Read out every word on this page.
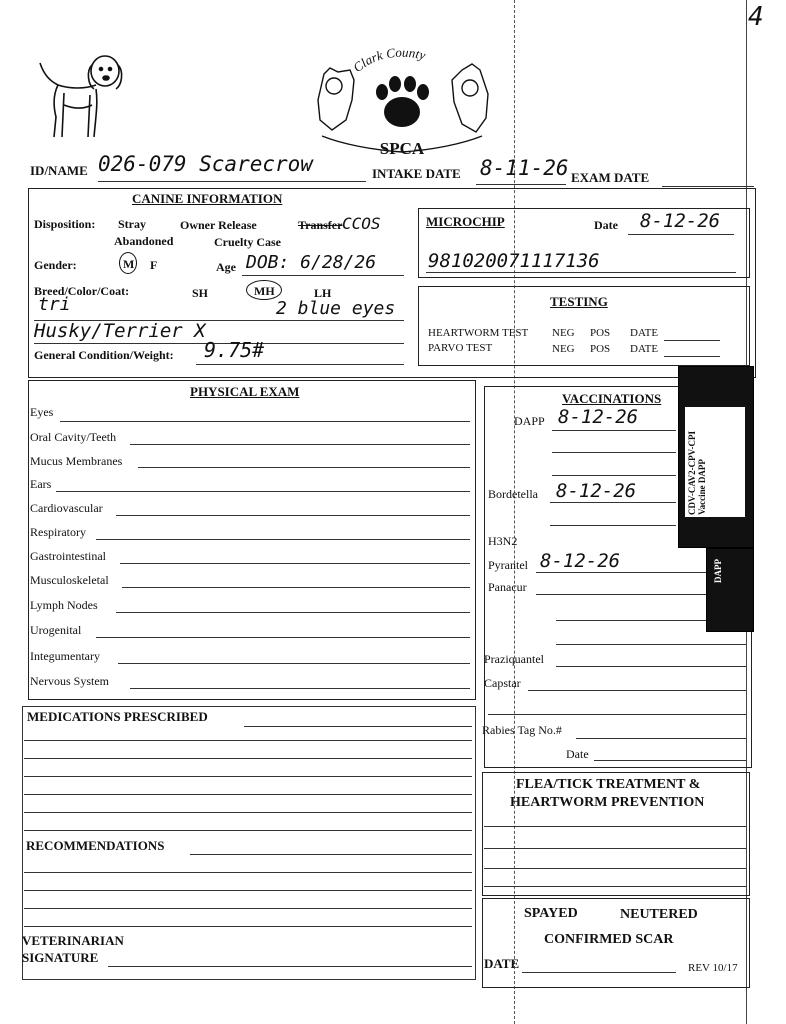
4
Clark County
SPCA
ID/NAME 026-079 Scarecrow	INTAKE DATE 8-11-26 EXAM DATE
CANINE INFORMATION
Disposition: Stray	Owner Release	Transfer CCOS
Abandoned	Cruelty Case
Gender:	M F	Age DOB: 6/28/26
Breed/Color/Coat:	SH	MH	LH
tri	2 blue eyes
Husky/Terrier X
General Condition/Weight: 9.75#
MICROCHIP	Date 8-12-26
981020071117136
TESTING
HEARTWORM TEST NEG POS DATE
PARVO TEST	NEG POS DATE
PHYSICAL EXAM
Eyes
Oral Cavity/Teeth
Mucus Membranes
Ears
Cardiovascular
Respiratory
Gastrointestinal
Musculoskeletal
Lymph Nodes
Urogenital
Integumentary
Nervous System
VACCINATIONS
DAPP 8-12-26
Bordetella 8-12-26
H3N2
Pyrantel 8-12-26
Panacur
Praziquantel
Capstar
Rabies Tag No.#
Date
CDV-CAV2-CPV-CPI Vaccine DAPP
DAPP
MEDICATIONS PRESCRIBED
RECOMMENDATIONS
VETERINARIAN
SIGNATURE
FLEA/TICK TREATMENT &
HEARTWORM PREVENTION
SPAYED	NEUTERED
CONFIRMED SCAR
DATE	REV 10/17
